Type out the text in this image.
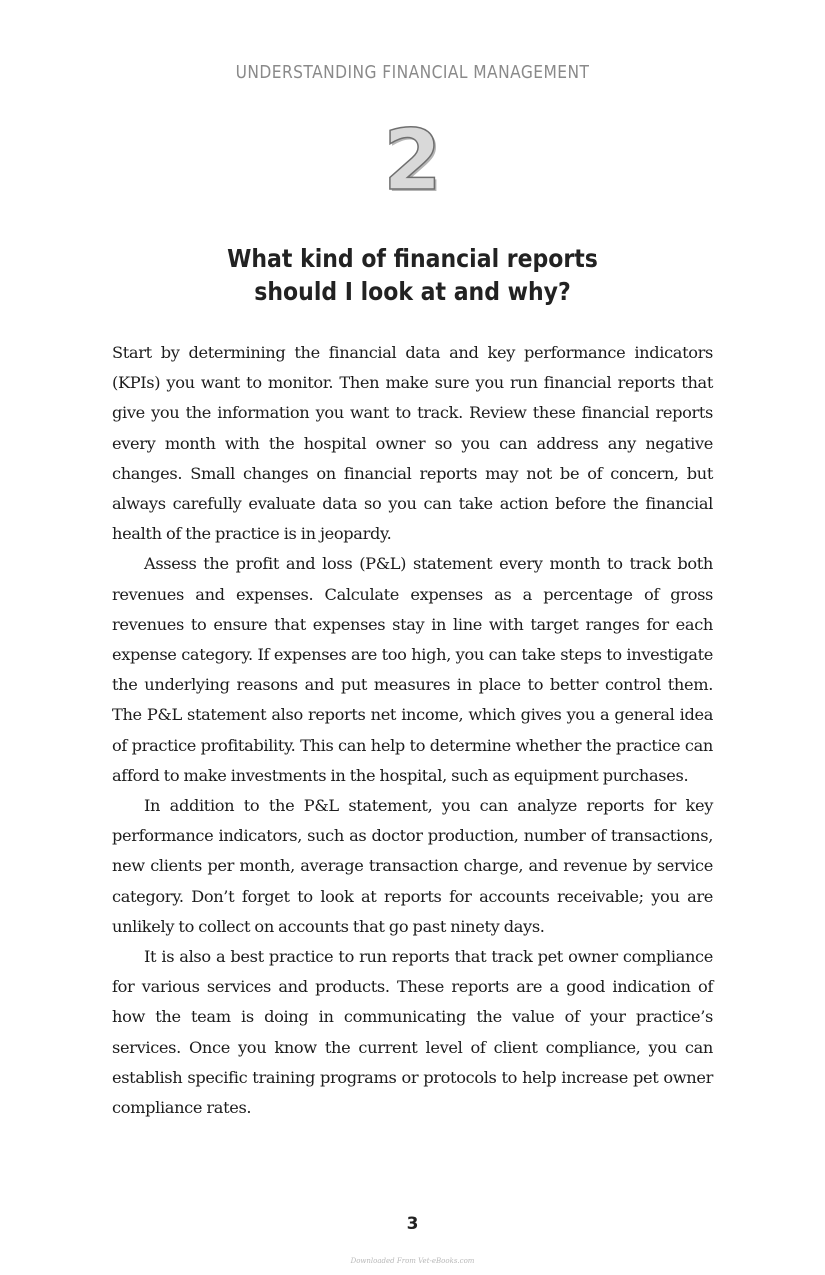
UNDERSTANDING FINANCIAL MANAGEMENT
2
What kind of financial reports
should I look at and why?

Start by determining the financial data and key performance indicators (KPIs) you want to monitor. Then make sure you run financial reports that give you the information you want to track. Review these financial reports every month with the hospital owner so you can address any negative changes. Small changes on financial reports may not be of concern, but always carefully evaluate data so you can take action before the financial health of the practice is in jeopardy.

Assess the profit and loss (P&L) statement every month to track both revenues and expenses. Calculate expenses as a percentage of gross revenues to ensure that expenses stay in line with target ranges for each expense category. If expenses are too high, you can take steps to investigate the underlying reasons and put measures in place to better control them. The P&L statement also reports net income, which gives you a general idea of practice profitability. This can help to determine whether the practice can afford to make investments in the hospital, such as equipment purchases.

In addition to the P&L statement, you can analyze reports for key performance indicators, such as doctor production, number of transactions, new clients per month, average transaction charge, and revenue by service category. Don’t forget to look at reports for accounts receivable; you are unlikely to collect on accounts that go past ninety days.

It is also a best practice to run reports that track pet owner compliance for various services and products. These reports are a good indication of how the team is doing in communicating the value of your practice’s services. Once you know the current level of client compliance, you can establish specific training programs or protocols to help increase pet owner compliance rates.

3
Downloaded From Vet-eBooks.com
